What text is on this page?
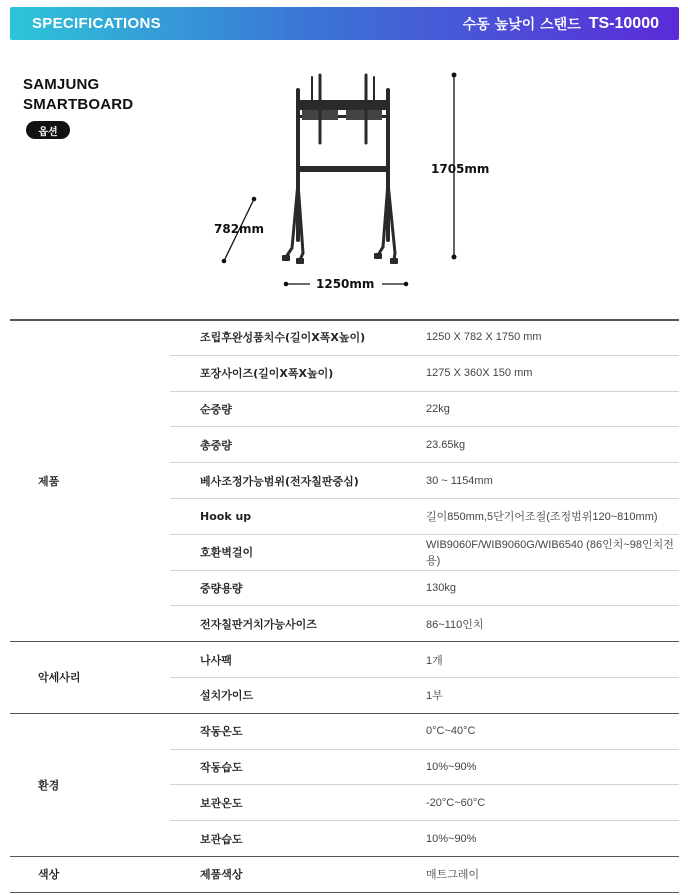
SPECIFICATIONS	수동 높낮이 스탠드 TS-10000
SAMJUNG
SMARTBOARD
옵션
1705mm
782mm
1250mm
제품	조립후완성품치수(길이X폭X높이)	1250 X 782 X 1750 mm
	포장사이즈(길이X폭X높이)	1275 X 360X 150 mm
	순중량	22kg
	총중량	23.65kg
	베사조정가능범위(전자칠판중심)	30 ~ 1154mm
	Hook up	길이850mm,5단기어조절(조정범위120~810mm)
	호환벽걸이	WIB9060F/WIB9060G/WIB6540 (86인치~98인치전용)
	중량용량	130kg
	전자칠판거치가능사이즈	86~110인치
악세사리	나사팩	1개
	설치가이드	1부
환경	작동온도	0°C~40°C
	작동습도	10%~90%
	보관온도	-20°C~60°C
	보관습도	10%~90%
색상	제품색상	매트그레이
